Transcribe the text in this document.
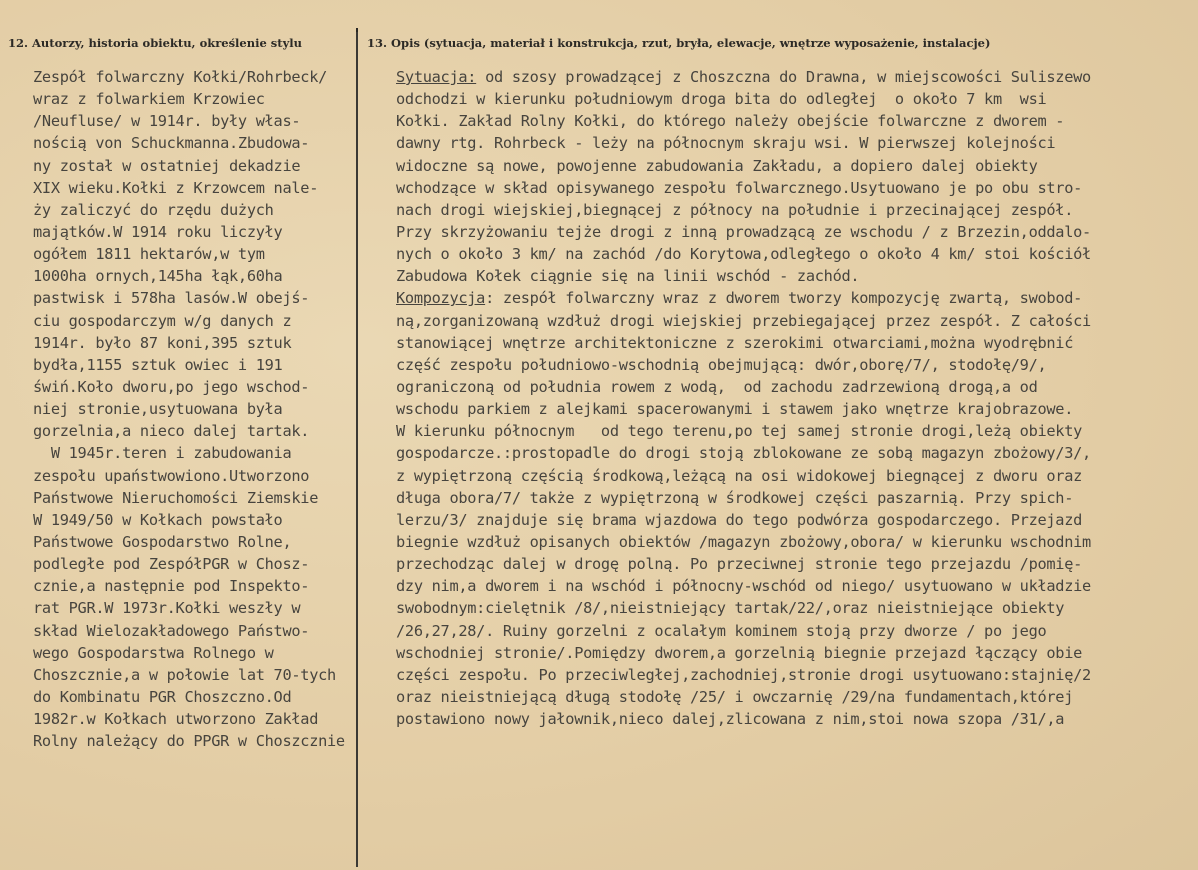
12. Autorzy, historia obiektu, określenie stylu	13. Opis (sytuacja, materiał i konstrukcja, rzut, bryła, elewacje, wnętrze wyposażenie, instalacje)
Zespół folwarczny Kołki/Rohrbeck/
wraz z folwarkiem Krzowiec
/Neufluse/ w 1914r. były włas-
nością von Schuckmanna.Zbudowa-
ny został w ostatniej dekadzie
XIX wieku.Kołki z Krzowcem nale-
ży zaliczyć do rzędu dużych
majątków.W 1914 roku liczyły
ogółem 1811 hektarów,w tym
1000ha ornych,145ha łąk,60ha
pastwisk i 578ha lasów.W obejś-
ciu gospodarczym w/g danych z
1914r. było 87 koni,395 sztuk
bydła,1155 sztuk owiec i 191
świń.Koło dworu,po jego wschod-
niej stronie,usytuowana była
gorzelnia,a nieco dalej tartak.
W 1945r.teren i zabudowania
zespołu upaństwowiono.Utworzono
Państwowe Nieruchomości Ziemskie
W 1949/50 w Kołkach powstało
Państwowe Gospodarstwo Rolne,
podległe pod ZespółPGR w Chosz-
cznie,a następnie pod Inspekto-
rat PGR.W 1973r.Kołki weszły w
skład Wielozakładowego Państwo-
wego Gospodarstwa Rolnego w
Choszcznie,a w połowie lat 70-tych
do Kombinatu PGR Choszczno.Od
1982r.w Kołkach utworzono Zakład
Rolny należący do PPGR w Choszcznie
Sytuacja: od szosy prowadzącej z Choszczna do Drawna, w miejscowości Suliszewo
odchodzi w kierunku południowym droga bita do odległej  o około 7 km  wsi
Kołki. Zakład Rolny Kołki, do którego należy obejście folwarczne z dworem -
dawny rtg. Rohrbeck - leży na północnym skraju wsi. W pierwszej kolejności
widoczne są nowe, powojenne zabudowania Zakładu, a dopiero dalej obiekty
wchodzące w skład opisywanego zespołu folwarcznego.Usytuowano je po obu stro-
nach drogi wiejskiej,biegnącej z północy na południe i przecinającej zespół.
Przy skrzyżowaniu tejże drogi z inną prowadzącą ze wschodu / z Brzezin,oddalo-
nych o około 3 km/ na zachód /do Korytowa,odległego o około 4 km/ stoi kościół
Zabudowa Kołek ciągnie się na linii wschód - zachód.
Kompozycja: zespół folwarczny wraz z dworem tworzy kompozycję zwartą, swobod-
ną,zorganizowaną wzdłuż drogi wiejskiej przebiegającej przez zespół. Z całości
stanowiącej wnętrze architektoniczne z szerokimi otwarciami,można wyodrębnić
część zespołu południowo-wschodnią obejmującą: dwór,oborę/7/, stodołę/9/,
ograniczoną od południa rowem z wodą,  od zachodu zadrzewioną drogą,a od
wschodu parkiem z alejkami spacerowanymi i stawem jako wnętrze krajobrazowe.
W kierunku północnym   od tego terenu,po tej samej stronie drogi,leżą obiekty
gospodarcze.:prostopadle do drogi stoją zblokowane ze sobą magazyn zbożowy/3/,
z wypiętrzoną częścią środkową,leżącą na osi widokowej biegnącej z dworu oraz
długa obora/7/ także z wypiętrzoną w środkowej części paszarnią. Przy spich-
lerzu/3/ znajduje się brama wjazdowa do tego podwórza gospodarczego. Przejazd
biegnie wzdłuż opisanych obiektów /magazyn zbożowy,obora/ w kierunku wschodnim
przechodząc dalej w drogę polną. Po przeciwnej stronie tego przejazdu /pomię-
dzy nim,a dworem i na wschód i północny-wschód od niego/ usytuowano w układzie
swobodnym:cielętnik /8/,nieistniejący tartak/22/,oraz nieistniejące obiekty
/26,27,28/. Ruiny gorzelni z ocalałym kominem stoją przy dworze / po jego
wschodniej stronie/.Pomiędzy dworem,a gorzelnią biegnie przejazd łączący obie
części zespołu. Po przeciwległej,zachodniej,stronie drogi usytuowano:stajnię/2
oraz nieistniejącą długą stodołę /25/ i owczarnię /29/na fundamentach,której
postawiono nowy jałownik,nieco dalej,zlicowana z nim,stoi nowa szopa /31/,a
